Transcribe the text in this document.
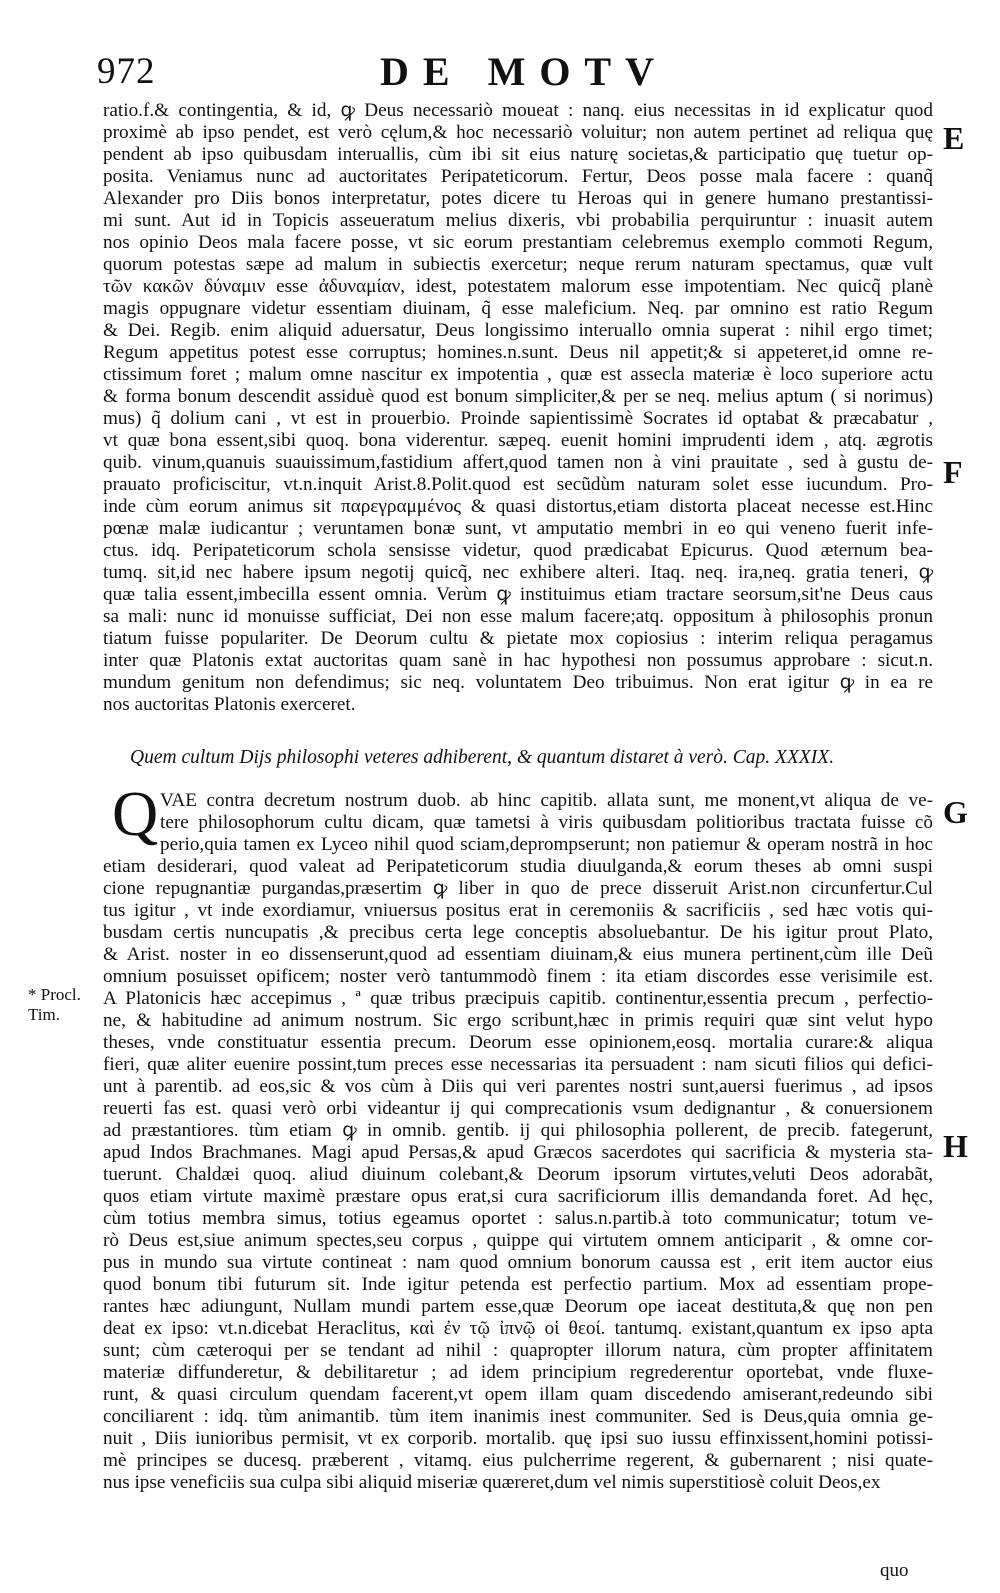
972	DE MOTV
E
F
G
H
* Procl. Tim.
ratio.f.& contingentia, & id, ꝙ Deus necessariò moueat : nanq. eius necessitas in id explicatur quod
proximè ab ipso pendet, est verò cęlum,& hoc necessariò voluitur; non autem pertinet ad reliqua quę
pendent ab ipso quibusdam interuallis, cùm ibi sit eius naturę societas,& participatio quę tuetur op-
posita. Veniamus nunc ad auctoritates Peripateticorum. Fertur, Deos posse mala facere : quanq̃
Alexander pro Diis bonos interpretatur, potes dicere tu Heroas qui in genere humano prestantissi-
mi sunt. Aut id in Topicis asseueratum melius dixeris, vbi probabilia perquiruntur : inuasit autem
nos opinio Deos mala facere posse, vt sic eorum prestantiam celebremus exemplo commoti Regum,
quorum potestas sæpe ad malum in subiectis exercetur; neque rerum naturam spectamus, quæ vult
τῶν κακῶν δύναμιν esse ἀδυναμίαν, idest, potestatem malorum esse impotentiam. Nec quicq̃ planè
magis oppugnare videtur essentiam diuinam, q̃ esse maleficium. Neq. par omnino est ratio Regum
& Dei. Regib. enim aliquid aduersatur, Deus longissimo interuallo omnia superat : nihil ergo timet;
Regum appetitus potest esse corruptus; homines.n.sunt. Deus nil appetit;& si appeteret,id omne re-
ctissimum foret ; malum omne nascitur ex impotentia , quæ est assecla materiæ è loco superiore actu
& forma bonum descendit assiduè quod est bonum simpliciter,& per se neq. melius aptum ( si norimus)
mus) q̃ dolium cani , vt est in prouerbio. Proinde sapientissimè Socrates id optabat & præcabatur ,
vt quæ bona essent,sibi quoq. bona viderentur. sæpeq. euenit homini imprudenti idem , atq. ægrotis
quib. vinum,quanuis suauissimum,fastidium affert,quod tamen non à vini prauitate , sed à gustu de-
prauato proficiscitur, vt.n.inquit Arist.8.Polit.quod est secũdùm naturam solet esse iucundum. Pro-
inde cùm eorum animus sit παρεγραμμένος & quasi distortus,etiam distorta placeat necesse est.Hinc
pœnæ malæ iudicantur ; veruntamen bonæ sunt, vt amputatio membri in eo qui veneno fuerit infe-
ctus. idq. Peripateticorum schola sensisse videtur, quod prædicabat Epicurus. Quod æternum bea-
tumq. sit,id nec habere ipsum negotij quicq̃, nec exhibere alteri. Itaq. neq. ira,neq. gratia teneri, ꝙ
quæ talia essent,imbecilla essent omnia. Verùm ꝙ instituimus etiam tractare seorsum,sit'ne Deus caus
sa mali: nunc id monuisse sufficiat, Dei non esse malum facere;atq. oppositum à philosophis pronun
tiatum fuisse populariter. De Deorum cultu & pietate mox copiosius : interim reliqua peragamus
inter quæ Platonis extat auctoritas quam sanè in hac hypothesi non possumus approbare : sicut.n.
mundum genitum non defendimus; sic neq. voluntatem Deo tribuimus. Non erat igitur ꝙ in ea re
nos auctoritas Platonis exerceret.
Quem cultum Dijs philosophi veteres adhiberent, & quantum distaret à verò. Cap. XXXIX.
Q VAE contra decretum nostrum duob. ab hinc capitib. allata sunt, me monent,vt aliqua de ve-
tere philosophorum cultu dicam, quæ tametsi à viris quibusdam politioribus tractata fuisse cõ
perio,quia tamen ex Lyceo nihil quod sciam,deprompserunt; non patiemur & operam nostrã in hoc
etiam desiderari, quod valeat ad Peripateticorum studia diuulganda,& eorum theses ab omni suspi
cione repugnantiæ purgandas,præsertim ꝙ liber in quo de prece disseruit Arist.non circunfertur.Cul
tus igitur , vt inde exordiamur, vniuersus positus erat in ceremoniis & sacrificiis , sed hæc votis qui-
busdam certis nuncupatis ,& precibus certa lege conceptis absoluebantur. De his igitur prout Plato,
& Arist. noster in eo dissenserunt,quod ad essentiam diuinam,& eius munera pertinent,cùm ille Deũ
omnium posuisset opificem; noster verò tantummodò finem : ita etiam discordes esse verisimile est.
A Platonicis hæc accepimus , ª quæ tribus præcipuis capitib. continentur,essentia precum , perfectio-
ne, & habitudine ad animum nostrum. Sic ergo scribunt,hæc in primis requiri quæ sint velut hypo
theses, vnde constituatur essentia precum. Deorum esse opinionem,eosq. mortalia curare:& aliqua
fieri, quæ aliter euenire possint,tum preces esse necessarias ita persuadent : nam sicuti filios qui defici-
unt à parentib. ad eos,sic & vos cùm à Diis qui veri parentes nostri sunt,auersi fuerimus , ad ipsos
reuerti fas est. quasi verò orbi videantur ij qui comprecationis vsum dedignantur , & conuersionem
ad præstantiores. tùm etiam ꝙ in omnib. gentib. ij qui philosophia pollerent, de precib. fategerunt,
apud Indos Brachmanes. Magi apud Persas,& apud Græcos sacerdotes qui sacrificia & mysteria sta-
tuerunt. Chaldæi quoq. aliud diuinum colebant,& Deorum ipsorum virtutes,veluti Deos adorabãt,
quos etiam virtute maximè præstare opus erat,si cura sacrificiorum illis demandanda foret. Ad hęc,
cùm totius membra simus, totius egeamus oportet : salus.n.partib.à toto communicatur; totum ve-
rò Deus est,siue animum spectes,seu corpus , quippe qui virtutem omnem anticiparit , & omne cor-
pus in mundo sua virtute contineat : nam quod omnium bonorum caussa est , erit item auctor eius
quod bonum tibi futurum sit. Inde igitur petenda est perfectio partium. Mox ad essentiam prope-
rantes hæc adiungunt, Nullam mundi partem esse,quæ Deorum ope iaceat destituta,& quę non pen
deat ex ipso: vt.n.dicebat Heraclitus, καὶ ἐν τῷ ἰπνῷ οἱ θεοί. tantumq. existant,quantum ex ipso apta
sunt; cùm cæteroqui per se tendant ad nihil : quapropter illorum natura, cùm propter affinitatem
materiæ diffunderetur, & debilitaretur ; ad idem principium regrederentur oportebat, vnde fluxe-
runt, & quasi circulum quendam facerent,vt opem illam quam discedendo amiserant,redeundo sibi
conciliarent : idq. tùm animantib. tùm item inanimis inest communiter. Sed is Deus,quia omnia ge-
nuit , Diis iunioribus permisit, vt ex corporib. mortalib. quę ipsi suo iussu effinxissent,homini potissi-
mè principes se ducesq. præberent , vitamq. eius pulcherrime regerent, & gubernarent ; nisi quate-
nus ipse veneficiis sua culpa sibi aliquid miseriæ quæreret,dum vel nimis superstitiosè coluit Deos,ex
quo
